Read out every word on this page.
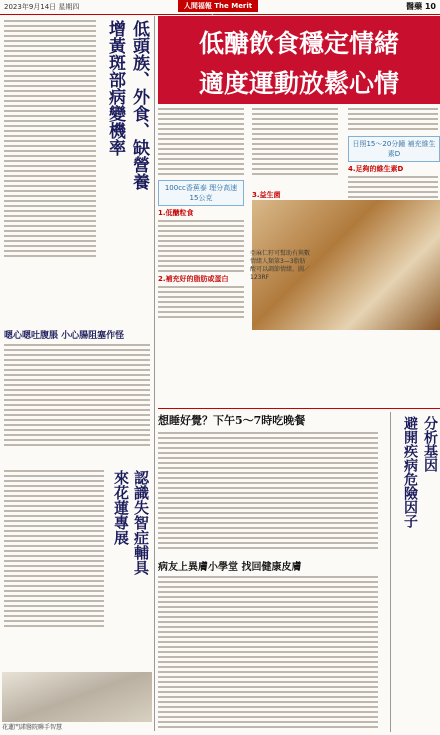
2023年9月14日 星期四	人間福報 The Merit	醫藥 10
低頭族、外食、缺營養
增黃斑部病變機率
嗯心嗯吐腹脹 小心腸阻塞作怪
認識失智症輔具
來花蓮專展
花蓮門諾醫院聯手智慧
低醣飲食穩定情緒
適度運動放鬆心情
100cc香蕉泰 理分高速15公克
1.低醣粒食
2.補充好的脂肪或蛋白
3.益生菌
日照15～20分鐘 補充維生素D
4.足夠的維生素D
亞麻仁籽可幫助有與數情緒人類第3—3脂肪酸可以調節情緒。圖／123RF
想睡好覺？下午5～7時吃晚餐
病友上異膚小學堂 找回健康皮膚
分析基因
避開疾病危險因子
